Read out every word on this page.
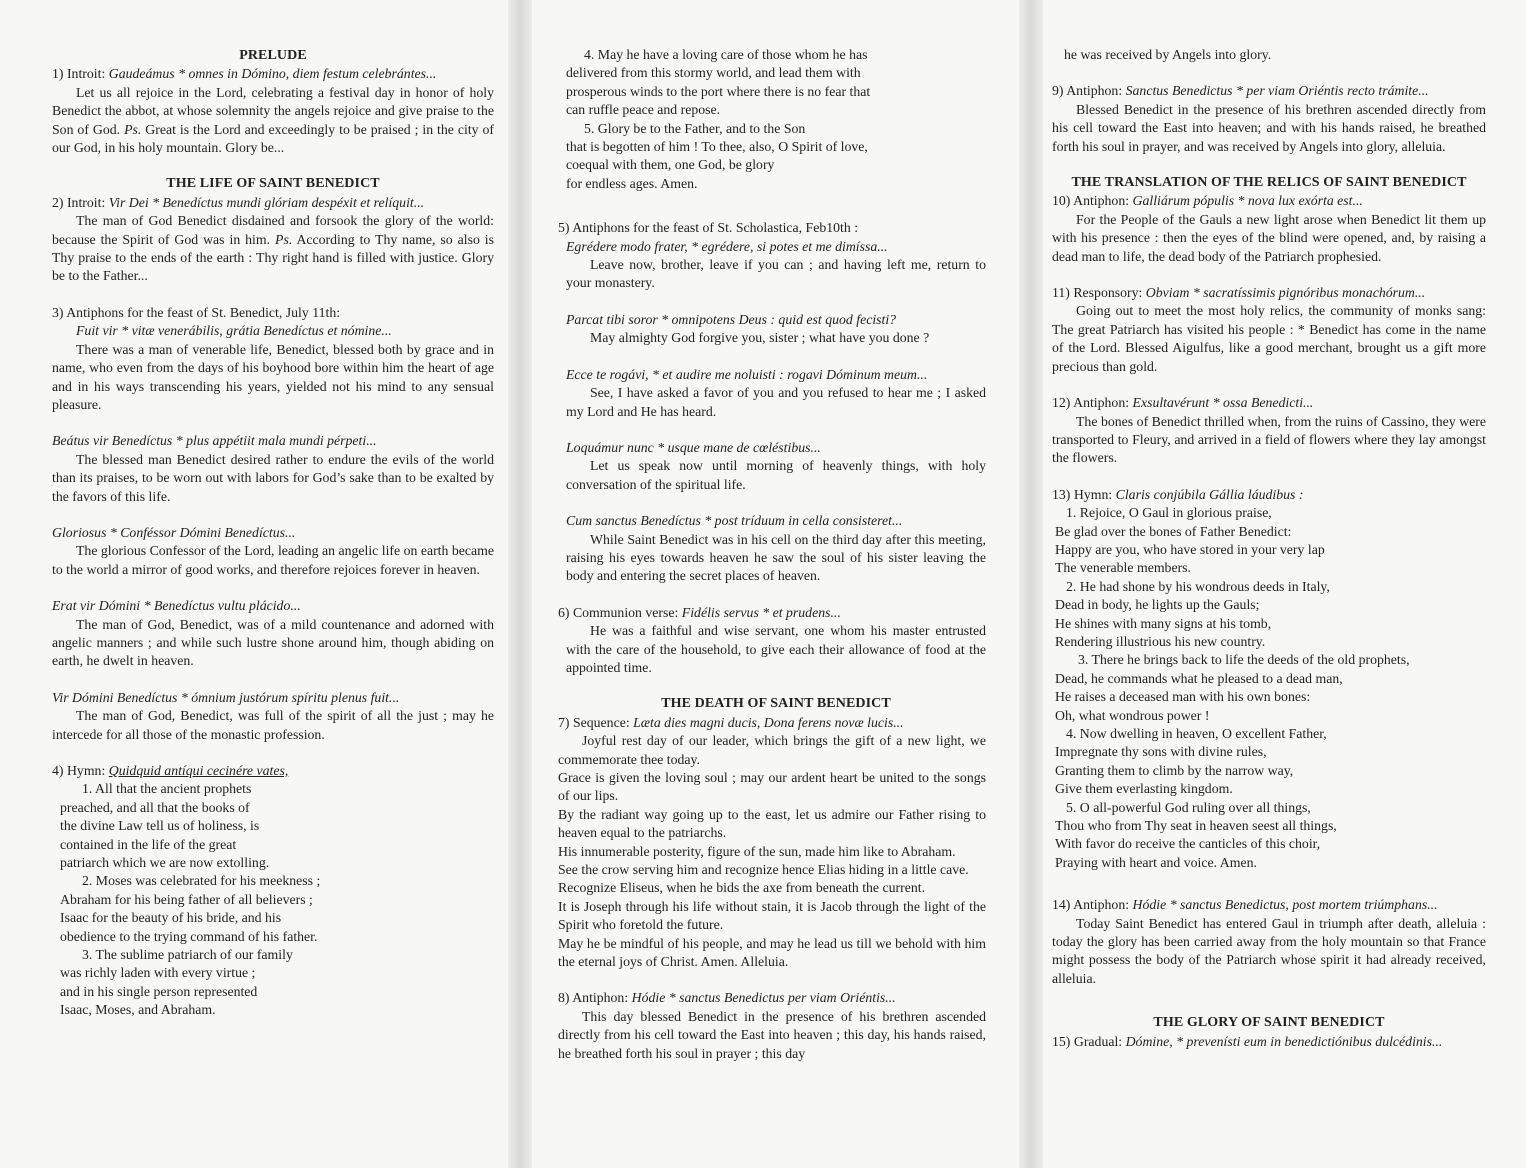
PRELUDE

1) Introit: Gaudeámus * omnes in Dómino, diem festum celebrántes...

Let us all rejoice in the Lord, celebrating a festival day in honor of holy Benedict the abbot, at whose solemnity the angels rejoice and give praise to the Son of God. Ps. Great is the Lord and exceedingly to be praised ; in the city of our God, in his holy mountain. Glory be...

THE LIFE OF SAINT BENEDICT

2) Introit: Vir Dei * Benedíctus mundi glóriam despéxit et relíquit...

The man of God Benedict disdained and forsook the glory of the world: because the Spirit of God was in him. Ps. According to Thy name, so also is Thy praise to the ends of the earth : Thy right hand is filled with justice. Glory be to the Father...

3) Antiphons for the feast of St. Benedict, July 11th:

Fuit vir * vitæ venerábilis, grátia Benedíctus et nómine...

There was a man of venerable life, Benedict, blessed both by grace and in name, who even from the days of his boyhood bore within him the heart of age and in his ways transcending his years, yielded not his mind to any sensual pleasure.

Beátus vir Benedíctus * plus appétiit mala mundi pérpeti...

The blessed man Benedict desired rather to endure the evils of the world than its praises, to be worn out with labors for God’s sake than to be exalted by the favors of this life.

Gloriosus * Conféssor Dómini Benedíctus...

The glorious Confessor of the Lord, leading an angelic life on earth became to the world a mirror of good works, and therefore rejoices forever in heaven.

Erat vir Dómini * Benedíctus vultu plácido...

The man of God, Benedict, was of a mild countenance and adorned with angelic manners ; and while such lustre shone around him, though abiding on earth, he dwelt in heaven.

Vir Dómini Benedíctus * ómnium justórum spíritu plenus fuit...

The man of God, Benedict, was full of the spirit of all the just ; may he intercede for all those of the monastic profession.

4) Hymn: Quidquid antíqui cecinére vates,

1. All that the ancient prophets

preached, and all that the books of

the divine Law tell us of holiness, is

contained in the life of the great

patriarch which we are now extolling.

2. Moses was celebrated for his meekness ;

Abraham for his being father of all believers ;

Isaac for the beauty of his bride, and his

obedience to the trying command of his father.

3. The sublime patriarch of our family

was richly laden with every virtue ;

and in his single person represented

Isaac, Moses, and Abraham.

4. May he have a loving care of those whom he has

delivered from this stormy world, and lead them with

prosperous winds to the port where there is no fear that

can ruffle peace and repose.

5. Glory be to the Father, and to the Son

that is begotten of him ! To thee, also, O Spirit of love,

coequal with them, one God, be glory

for endless ages. Amen.

5) Antiphons for the feast of St. Scholastica, Feb10th :

Egrédere modo frater, * egrédere, si potes et me dimíssa...

Leave now, brother, leave if you can ; and having left me, return to your monastery.

Parcat tibi soror * omnipotens Deus : quid est quod fecisti?

May almighty God forgive you, sister ; what have you done ?

Ecce te rogávi, * et audire me noluisti : rogavi Dóminum meum...

See, I have asked a favor of you and you refused to hear me ; I asked my Lord and He has heard.

Loquámur nunc * usque mane de cœléstibus...

Let us speak now until morning of heavenly things, with holy conversation of the spiritual life.

Cum sanctus Benedíctus * post tríduum in cella consisteret...

While Saint Benedict was in his cell on the third day after this meeting, raising his eyes towards heaven he saw the soul of his sister leaving the body and entering the secret places of heaven.

6) Communion verse: Fidélis servus * et prudens...

He was a faithful and wise servant, one whom his master entrusted with the care of the household, to give each their allowance of food at the appointed time.

THE DEATH OF SAINT BENEDICT

7) Sequence: Læta dies magni ducis, Dona ferens novæ lucis...

Joyful rest day of our leader, which brings the gift of a new light, we commemorate thee today.

Grace is given the loving soul ; may our ardent heart be united to the songs of our lips.

By the radiant way going up to the east, let us admire our Father rising to heaven equal to the patriarchs.

His innumerable posterity, figure of the sun, made him like to Abraham.

See the crow serving him and recognize hence Elias hiding in a little cave.

Recognize Eliseus, when he bids the axe from beneath the current.

It is Joseph through his life without stain, it is Jacob through the light of the Spirit who foretold the future.

May he be mindful of his people, and may he lead us till we behold with him the eternal joys of Christ. Amen. Alleluia.

8) Antiphon: Hódie * sanctus Benedictus per viam Oriéntis...

This day blessed Benedict in the presence of his brethren ascended directly from his cell toward the East into heaven ; this day, his hands raised, he breathed forth his soul in prayer ; this day

he was received by Angels into glory.

9) Antiphon: Sanctus Benedictus * per viam Oriéntis recto trámite...

Blessed Benedict in the presence of his brethren ascended directly from his cell toward the East into heaven; and with his hands raised, he breathed forth his soul in prayer, and was received by Angels into glory, alleluia.

THE TRANSLATION OF THE RELICS OF SAINT BENEDICT

10) Antiphon: Galliárum pópulis * nova lux exórta est...

For the People of the Gauls a new light arose when Benedict lit them up with his presence : then the eyes of the blind were opened, and, by raising a dead man to life, the dead body of the Patriarch prophesied.

11) Responsory: Obviam * sacratíssimis pignóribus monachórum...

Going out to meet the most holy relics, the community of monks sang: The great Patriarch has visited his people : * Benedict has come in the name of the Lord. Blessed Aigulfus, like a good merchant, brought us a gift more precious than gold.

12) Antiphon: Exsultavérunt * ossa Benedicti...

The bones of Benedict thrilled when, from the ruins of Cassino, they were transported to Fleury, and arrived in a field of flowers where they lay amongst the flowers.

13) Hymn: Claris conjúbila Gállia láudibus :

1. Rejoice, O Gaul in glorious praise,

Be glad over the bones of Father Benedict:

Happy are you, who have stored in your very lap

The venerable members.

2. He had shone by his wondrous deeds in Italy,

Dead in body, he lights up the Gauls;

He shines with many signs at his tomb,

Rendering illustrious his new country.

3. There he brings back to life the deeds of the old prophets,

Dead, he commands what he pleased to a dead man,

He raises a deceased man with his own bones:

Oh, what wondrous power !

4. Now dwelling in heaven, O excellent Father,

Impregnate thy sons with divine rules,

Granting them to climb by the narrow way,

Give them everlasting kingdom.

5. O all-powerful God ruling over all things,

Thou who from Thy seat in heaven seest all things,

With favor do receive the canticles of this choir,

Praying with heart and voice. Amen.

14) Antiphon: Hódie * sanctus Benedictus, post mortem triúmphans...

Today Saint Benedict has entered Gaul in triumph after death, alleluia : today the glory has been carried away from the holy mountain so that France might possess the body of the Patriarch whose spirit it had already received, alleluia.

THE GLORY OF SAINT BENEDICT

15) Gradual: Dómine, * prevenísti eum in benedictiónibus dulcédinis...
